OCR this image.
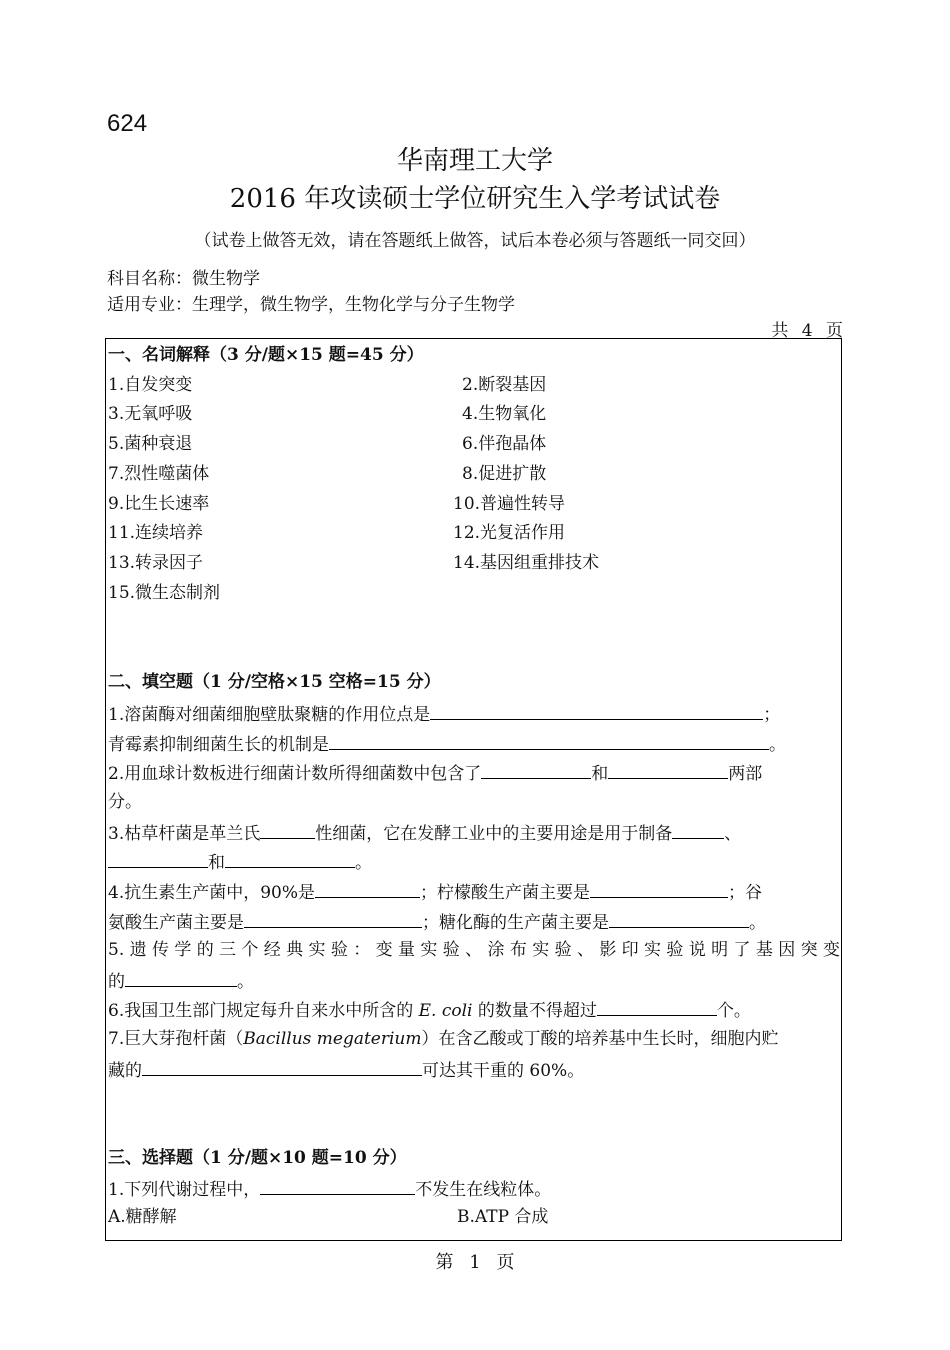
624
华南理工大学
2016 年攻读硕士学位研究生入学考试试卷
（试卷上做答无效，请在答题纸上做答，试后本卷必须与答题纸一同交回）
科目名称：微生物学
适用专业：生理学，微生物学，生物化学与分子生物学
共 4 页
一、名词解释（3 分/题×15 题=45 分）
1.自发突变	2.断裂基因
3.无氧呼吸	4.生物氧化
5.菌种衰退	6.伴孢晶体
7.烈性噬菌体	8.促进扩散
9.比生长速率	10.普遍性转导
11.连续培养	12.光复活作用
13.转录因子	14.基因组重排技术
15.微生态制剂
二、填空题（1 分/空格×15 空格=15 分）
1.溶菌酶对细菌细胞壁肽聚糖的作用位点是	；
青霉素抑制细菌生长的机制是	。
2.用血球计数板进行细菌计数所得细菌数中包含了	和	两部
分。
3.枯草杆菌是革兰氏	性细菌，它在发酵工业中的主要用途是用于制备	、
和	。
4.抗生素生产菌中，90%是	；柠檬酸生产菌主要是	；谷
氨酸生产菌主要是	；糖化酶的生产菌主要是	。
5.遗传学的三个经典实验：变量实验、涂布实验、影印实验说明了基因突变
的	。
6.我国卫生部门规定每升自来水中所含的 E. coli 的数量不得超过	个。
7.巨大芽孢杆菌（Bacillus megaterium）在含乙酸或丁酸的培养基中生长时，细胞内贮
藏的	可达其干重的 60%。
三、选择题（1 分/题×10 题=10 分）
1.下列代谢过程中，	不发生在线粒体。
A.糖酵解	B.ATP 合成
第 1 页
